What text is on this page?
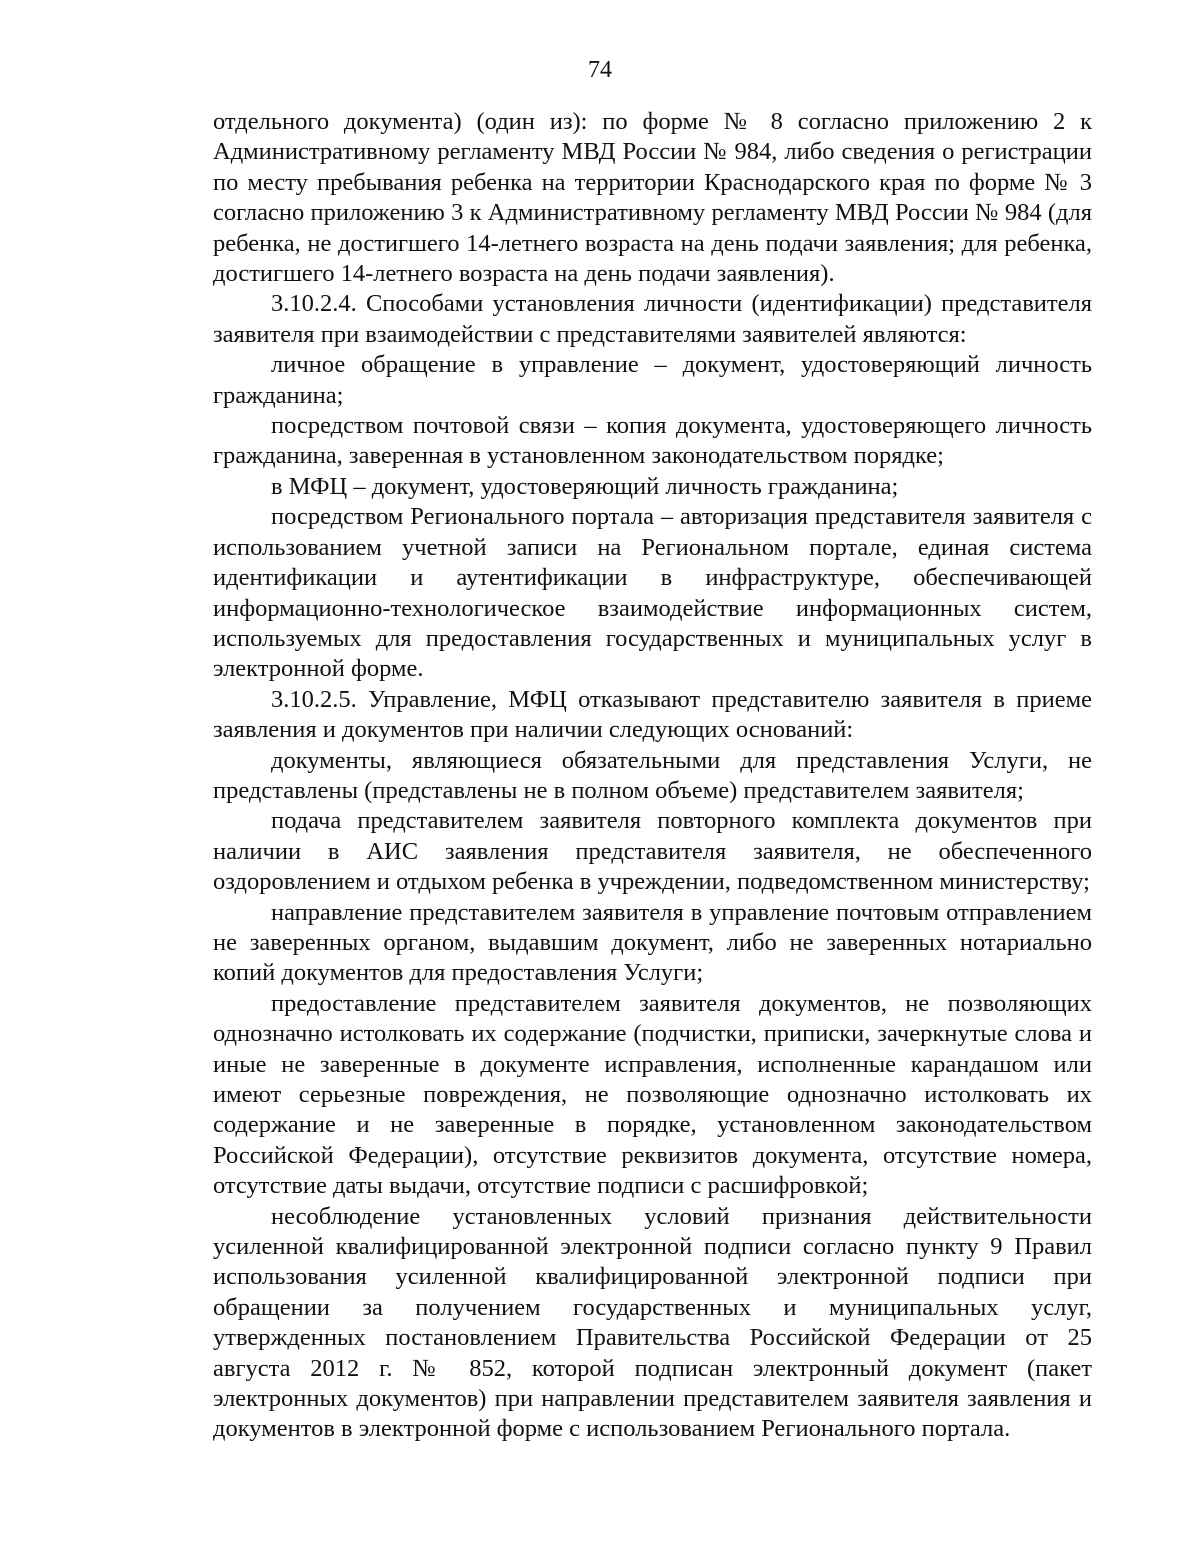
74

отдельного документа) (один из): по форме № 8 согласно приложению 2 к Административному регламенту МВД России № 984, либо сведения о регистрации по месту пребывания ребенка на территории Краснодарского края по форме № 3 согласно приложению 3 к Административному регламенту МВД России № 984 (для ребенка, не достигшего 14-летнего возраста на день подачи заявления; для ребенка, достигшего 14-летнего возраста на день подачи заявления).

3.10.2.4. Способами установления личности (идентификации) представителя заявителя при взаимодействии с представителями заявителей являются:

личное обращение в управление – документ, удостоверяющий личность гражданина;

посредством почтовой связи – копия документа, удостоверяющего личность гражданина, заверенная в установленном законодательством порядке;

в МФЦ – документ, удостоверяющий личность гражданина;

посредством Регионального портала – авторизация представителя заявителя с использованием учетной записи на Региональном портале, единая система идентификации и аутентификации в инфраструктуре, обеспечивающей информационно-технологическое взаимодействие информационных систем, используемых для предоставления государственных и муниципальных услуг в электронной форме.

3.10.2.5. Управление, МФЦ отказывают представителю заявителя в приеме заявления и документов при наличии следующих оснований:

документы, являющиеся обязательными для представления Услуги, не представлены (представлены не в полном объеме) представителем заявителя;

подача представителем заявителя повторного комплекта документов при наличии в АИС заявления представителя заявителя, не обеспеченного оздоровлением и отдыхом ребенка в учреждении, подведомственном министерству;

направление представителем заявителя в управление почтовым отправлением не заверенных органом, выдавшим документ, либо не заверенных нотариально копий документов для предоставления Услуги;

предоставление представителем заявителя документов, не позволяющих однозначно истолковать их содержание (подчистки, приписки, зачеркнутые слова и иные не заверенные в документе исправления, исполненные карандашом или имеют серьезные повреждения, не позволяющие однозначно истолковать их содержание и не заверенные в порядке, установленном законодательством Российской Федерации), отсутствие реквизитов документа, отсутствие номера, отсутствие даты выдачи, отсутствие подписи с расшифровкой;

несоблюдение установленных условий признания действительности усиленной квалифицированной электронной подписи согласно пункту 9 Правил использования усиленной квалифицированной электронной подписи при обращении за получением государственных и муниципальных услуг, утвержденных постановлением Правительства Российской Федерации от 25 августа 2012 г. № 852, которой подписан электронный документ (пакет электронных документов) при направлении представителем заявителя заявления и документов в электронной форме с использованием Регионального портала.
